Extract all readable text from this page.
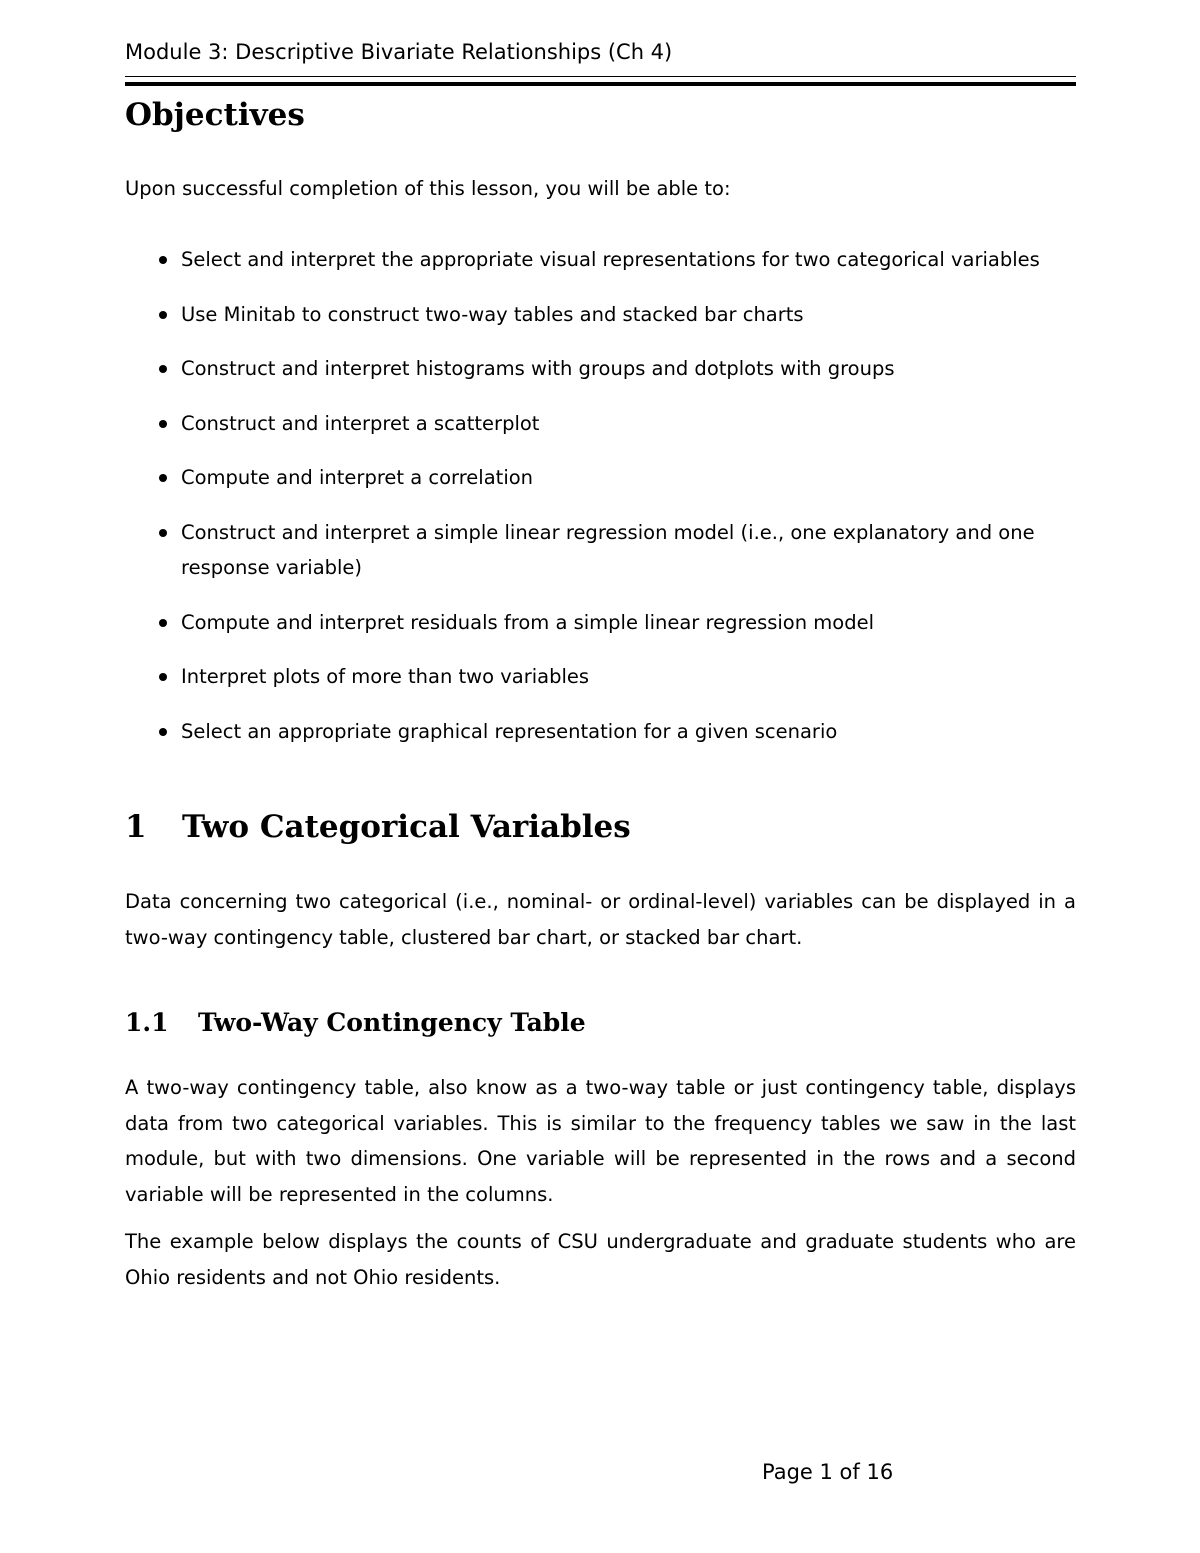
Module 3: Descriptive Bivariate Relationships (Ch 4)
Objectives
Upon successful completion of this lesson, you will be able to:
Select and interpret the appropriate visual representations for two categorical variables
Use Minitab to construct two-way tables and stacked bar charts
Construct and interpret histograms with groups and dotplots with groups
Construct and interpret a scatterplot
Compute and interpret a correlation
Construct and interpret a simple linear regression model (i.e., one explanatory and one response variable)
Compute and interpret residuals from a simple linear regression model
Interpret plots of more than two variables
Select an appropriate graphical representation for a given scenario
1 Two Categorical Variables
Data concerning two categorical (i.e., nominal- or ordinal-level) variables can be displayed in a two-way contingency table, clustered bar chart, or stacked bar chart.
1.1 Two-Way Contingency Table
A two-way contingency table, also know as a two-way table or just contingency table, displays data from two categorical variables. This is similar to the frequency tables we saw in the last module, but with two dimensions. One variable will be represented in the rows and a second variable will be represented in the columns.
The example below displays the counts of CSU undergraduate and graduate students who are Ohio residents and not Ohio residents.
Page 1 of 16
